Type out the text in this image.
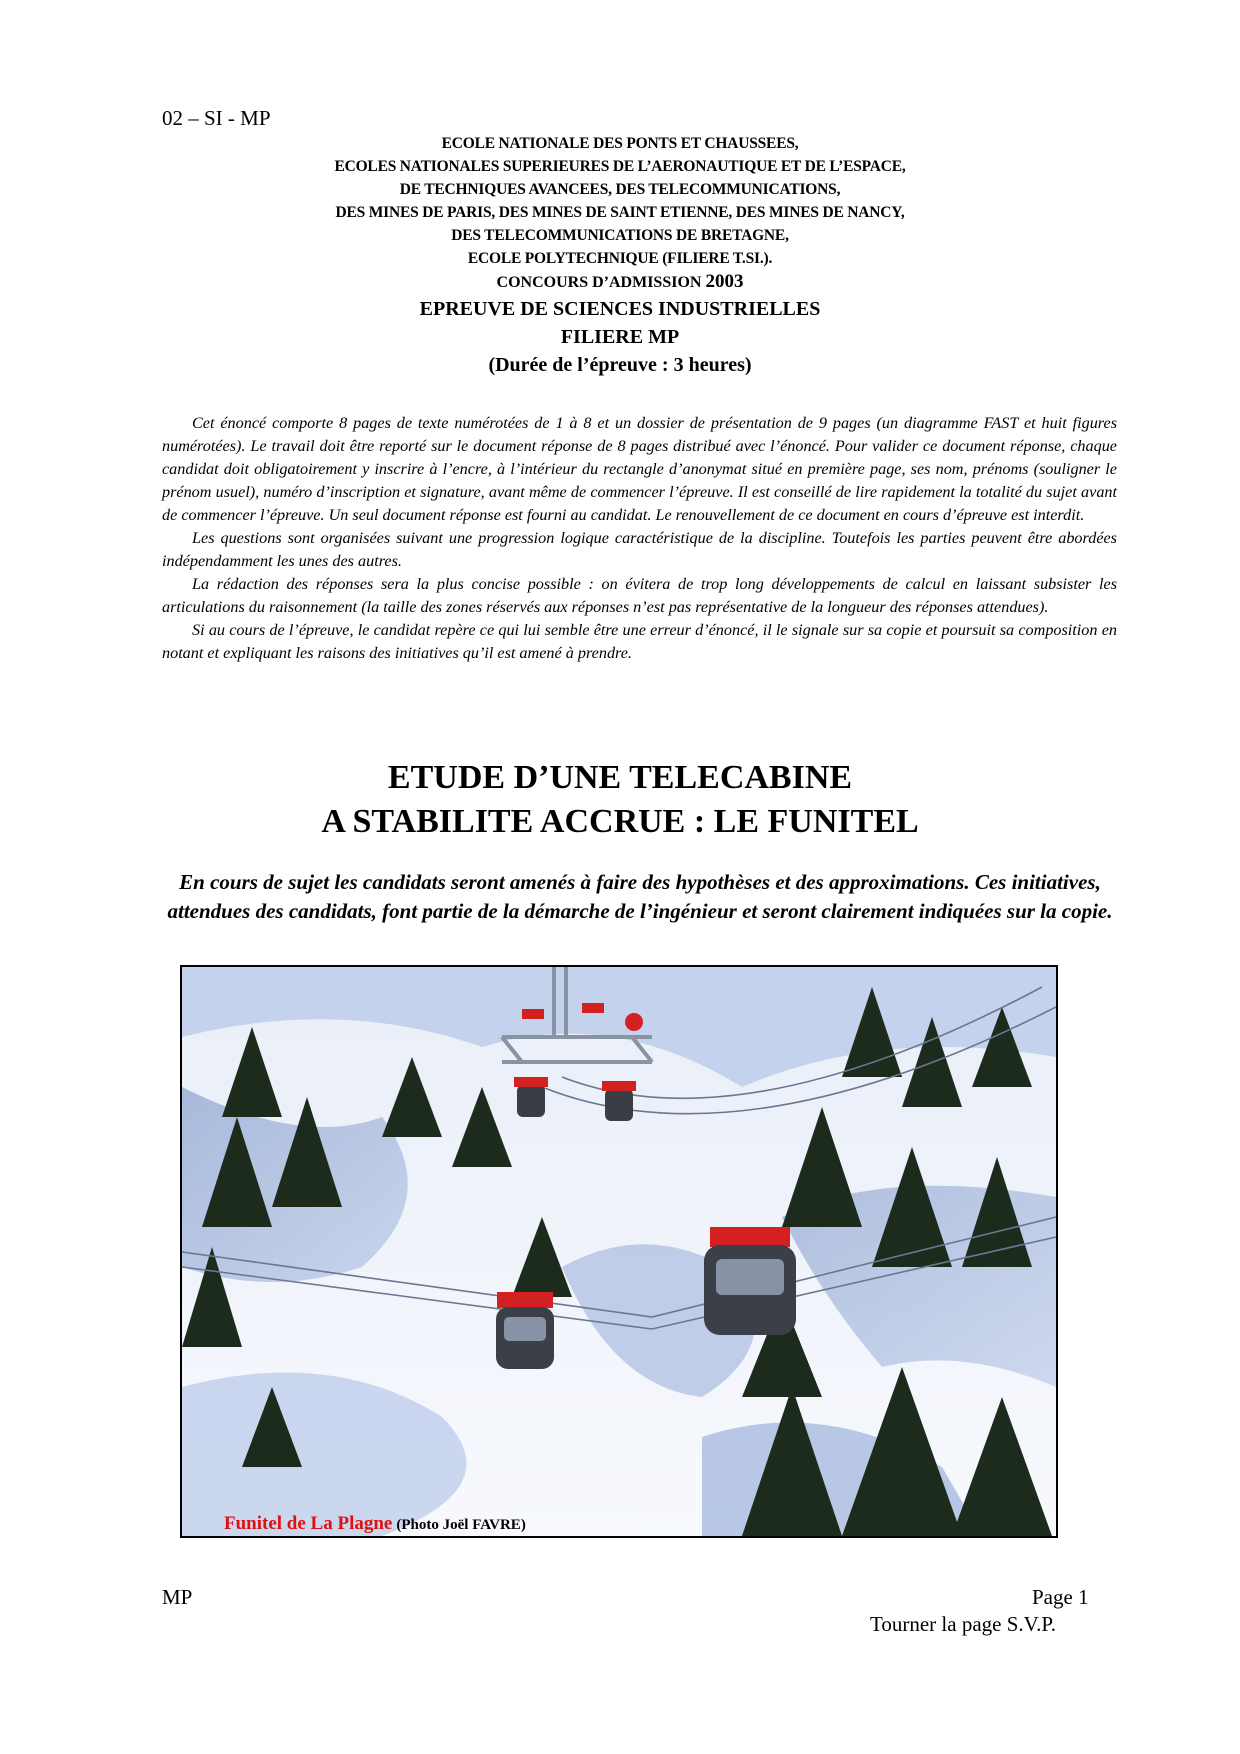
02 – SI - MP
ECOLE NATIONALE DES PONTS ET CHAUSSEES,
ECOLES NATIONALES SUPERIEURES DE L’AERONAUTIQUE ET DE L’ESPACE,
DE TECHNIQUES AVANCEES, DES TELECOMMUNICATIONS,
DES MINES DE PARIS, DES MINES DE SAINT ETIENNE, DES MINES DE NANCY,
DES TELECOMMUNICATIONS DE BRETAGNE,
ECOLE POLYTECHNIQUE (FILIERE T.SI.).
CONCOURS D’ADMISSION 2003
EPREUVE DE SCIENCES INDUSTRIELLES
FILIERE MP
(Durée de l’épreuve : 3 heures)

Cet énoncé comporte 8 pages de texte numérotées de 1 à 8 et un dossier de présentation de 9 pages (un diagramme FAST et huit figures numérotées). Le travail doit être reporté sur le document réponse de 8 pages distribué avec l’énoncé. Pour valider ce document réponse, chaque candidat doit obligatoirement y inscrire à l’encre, à l’intérieur du rectangle d’anonymat situé en première page, ses nom, prénoms (souligner le prénom usuel), numéro d’inscription et signature, avant même de commencer l’épreuve. Il est conseillé de lire rapidement la totalité du sujet avant de commencer l’épreuve. Un seul document réponse est fourni au candidat. Le renouvellement de ce document en cours d’épreuve est interdit.

Les questions sont organisées suivant une progression logique caractéristique de la discipline. Toutefois les parties peuvent être abordées indépendamment les unes des autres.

La rédaction des réponses sera la plus concise possible : on évitera de trop long développements de calcul en laissant subsister les articulations du raisonnement (la taille des zones réservés aux réponses n’est pas représentative de la longueur des réponses attendues).

Si au cours de l’épreuve, le candidat repère ce qui lui semble être une erreur d’énoncé, il le signale sur sa copie et poursuit sa composition en notant et expliquant les raisons des initiatives qu’il est amené à prendre.

ETUDE D’UNE TELECABINE
A STABILITE ACCRUE : LE FUNITEL
En cours de sujet les candidats seront amenés à faire des hypothèses et des approximations. Ces initiatives, attendues des candidats, font partie de la démarche de l’ingénieur et seront clairement indiquées sur la copie.
Funitel de La Plagne (Photo Joël FAVRE)
MP	Page 1
Tourner la page S.V.P.
